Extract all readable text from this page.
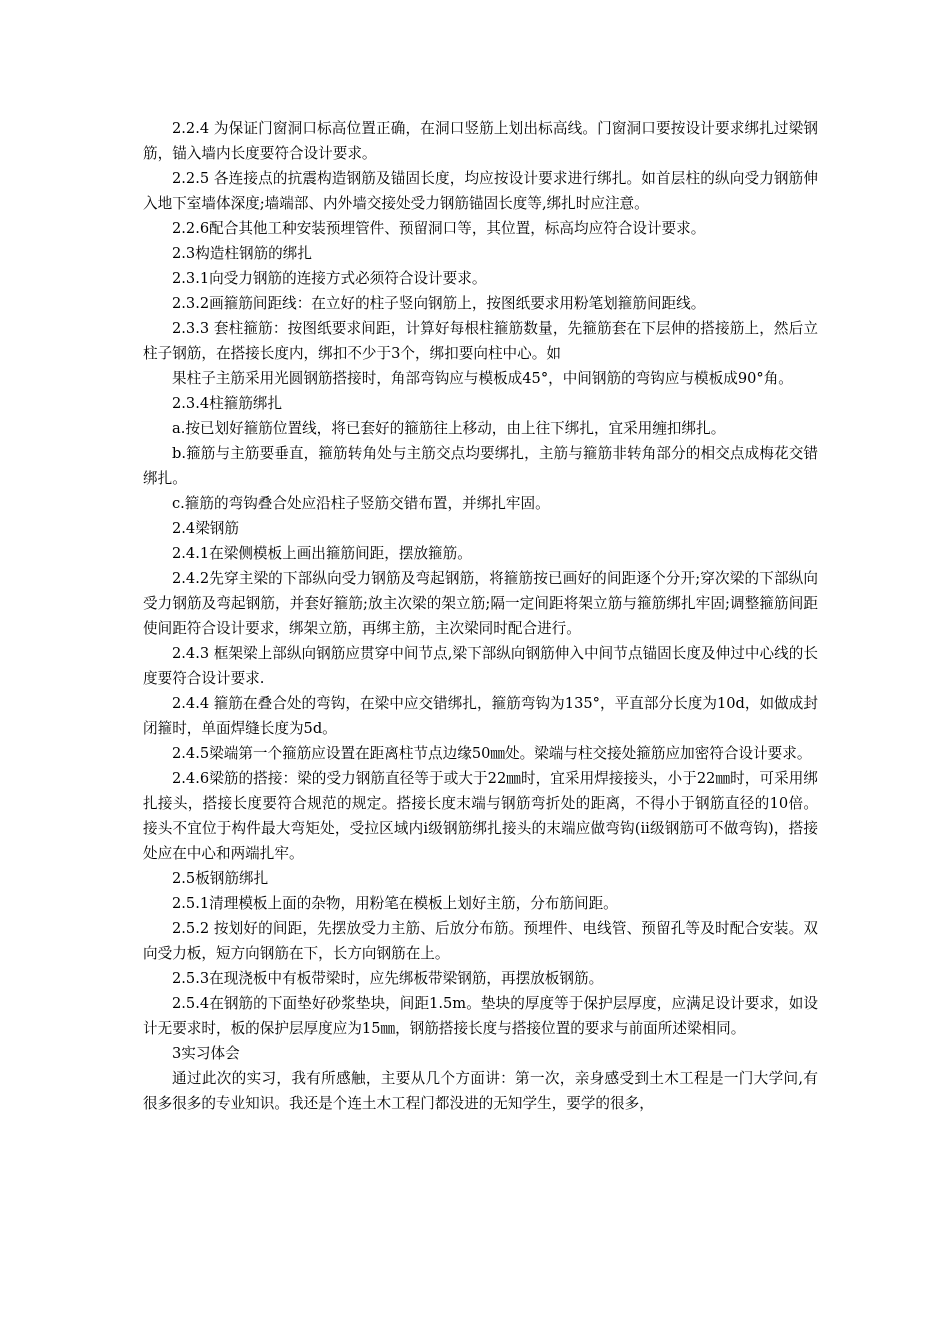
2.2.4 为保证门窗洞口标高位置正确，在洞口竖筋上划出标高线。门窗洞口要按设计要求绑扎过梁钢筋，锚入墙内长度要符合设计要求。

2.2.5 各连接点的抗震构造钢筋及锚固长度，均应按设计要求进行绑扎。如首层柱的纵向受力钢筋伸入地下室墙体深度;墙端部、内外墙交接处受力钢筋锚固长度等,绑扎时应注意。

2.2.6配合其他工种安装预埋管件、预留洞口等，其位置，标高均应符合设计要求。

2.3构造柱钢筋的绑扎

2.3.1向受力钢筋的连接方式必须符合设计要求。

2.3.2画箍筋间距线：在立好的柱子竖向钢筋上，按图纸要求用粉笔划箍筋间距线。

2.3.3 套柱箍筋：按图纸要求间距，计算好每根柱箍筋数量，先箍筋套在下层伸的搭接筋上，然后立柱子钢筋，在搭接长度内，绑扣不少于3个，绑扣要向柱中心。如

果柱子主筋采用光圆钢筋搭接时，角部弯钩应与模板成45°，中间钢筋的弯钩应与模板成90°角。

2.3.4柱箍筋绑扎

a.按已划好箍筋位置线，将已套好的箍筋往上移动，由上往下绑扎，宜采用缠扣绑扎。

b.箍筋与主筋要垂直，箍筋转角处与主筋交点均要绑扎，主筋与箍筋非转角部分的相交点成梅花交错绑扎。

c.箍筋的弯钩叠合处应沿柱子竖筋交错布置，并绑扎牢固。

2.4梁钢筋

2.4.1在梁侧模板上画出箍筋间距，摆放箍筋。

2.4.2先穿主梁的下部纵向受力钢筋及弯起钢筋，将箍筋按已画好的间距逐个分开;穿次梁的下部纵向受力钢筋及弯起钢筋，并套好箍筋;放主次梁的架立筋;隔一定间距将架立筋与箍筋绑扎牢固;调整箍筋间距使间距符合设计要求，绑架立筋，再绑主筋，主次梁同时配合进行。

2.4.3 框架梁上部纵向钢筋应贯穿中间节点,梁下部纵向钢筋伸入中间节点锚固长度及伸过中心线的长度要符合设计要求.

2.4.4 箍筋在叠合处的弯钩，在梁中应交错绑扎，箍筋弯钩为135°，平直部分长度为10d，如做成封闭箍时，单面焊缝长度为5d。

2.4.5梁端第一个箍筋应设置在距离柱节点边缘50㎜处。梁端与柱交接处箍筋应加密符合设计要求。

2.4.6梁筋的搭接：梁的受力钢筋直径等于或大于22㎜时，宜采用焊接接头，小于22㎜时，可采用绑扎接头，搭接长度要符合规范的规定。搭接长度末端与钢筋弯折处的距离，不得小于钢筋直径的10倍。接头不宜位于构件最大弯矩处，受拉区域内i级钢筋绑扎接头的末端应做弯钩(ii级钢筋可不做弯钩)，搭接处应在中心和两端扎牢。

2.5板钢筋绑扎

2.5.1清理模板上面的杂物，用粉笔在模板上划好主筋，分布筋间距。

2.5.2 按划好的间距，先摆放受力主筋、后放分布筋。预埋件、电线管、预留孔等及时配合安装。双向受力板，短方向钢筋在下，长方向钢筋在上。

2.5.3在现浇板中有板带梁时，应先绑板带梁钢筋，再摆放板钢筋。

2.5.4在钢筋的下面垫好砂浆垫块，间距1.5m。垫块的厚度等于保护层厚度，应满足设计要求，如设计无要求时，板的保护层厚度应为15㎜，钢筋搭接长度与搭接位置的要求与前面所述梁相同。

3实习体会

通过此次的实习，我有所感触，主要从几个方面讲：第一次，亲身感受到土木工程是一门大学问,有很多很多的专业知识。我还是个连土木工程门都没进的无知学生，要学的很多，
